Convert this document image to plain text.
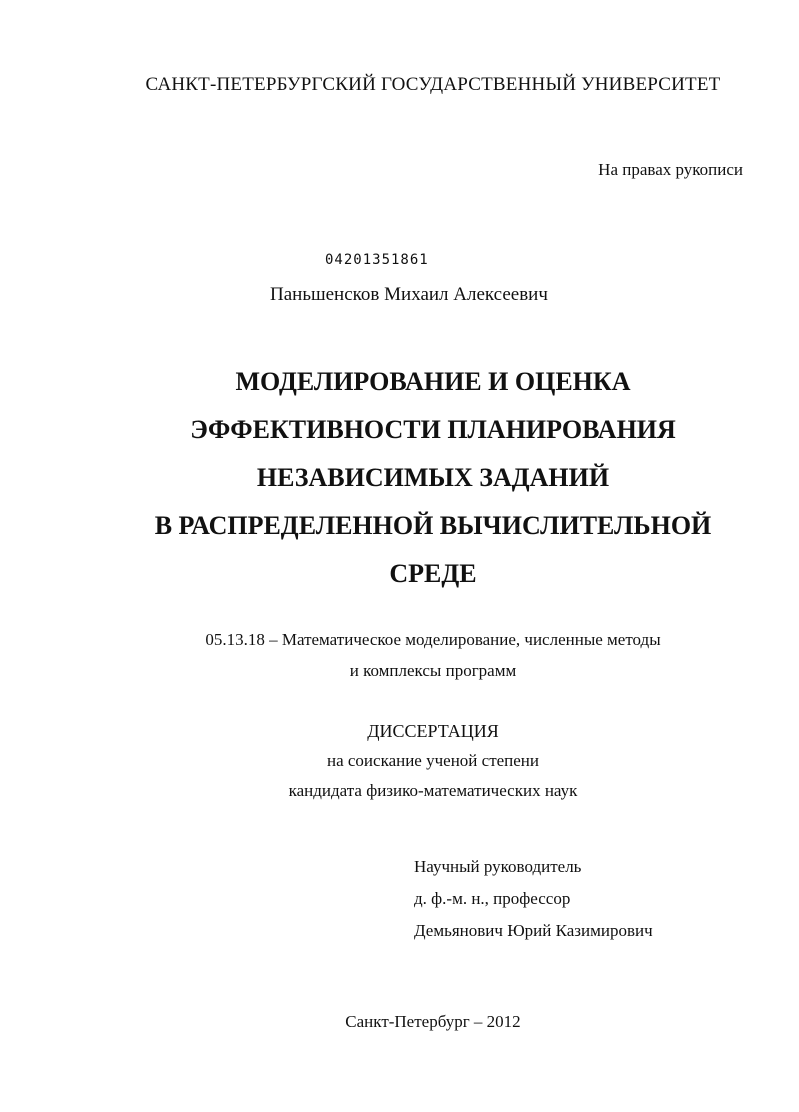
САНКТ-ПЕТЕРБУРГСКИЙ ГОСУДАРСТВЕННЫЙ УНИВЕРСИТЕТ
На правах рукописи
04201351861
Паньшенсков Михаил Алексеевич
МОДЕЛИРОВАНИЕ И ОЦЕНКА
ЭФФЕКТИВНОСТИ ПЛАНИРОВАНИЯ
НЕЗАВИСИМЫХ ЗАДАНИЙ
В РАСПРЕДЕЛЕННОЙ ВЫЧИСЛИТЕЛЬНОЙ
СРЕДЕ
05.13.18 – Математическое моделирование, численные методы
и комплексы программ
ДИССЕРТАЦИЯ
на соискание ученой степени
кандидата физико-математических наук
Научный руководитель
д. ф.-м. н., профессор
Демьянович Юрий Казимирович
Санкт-Петербург – 2012
